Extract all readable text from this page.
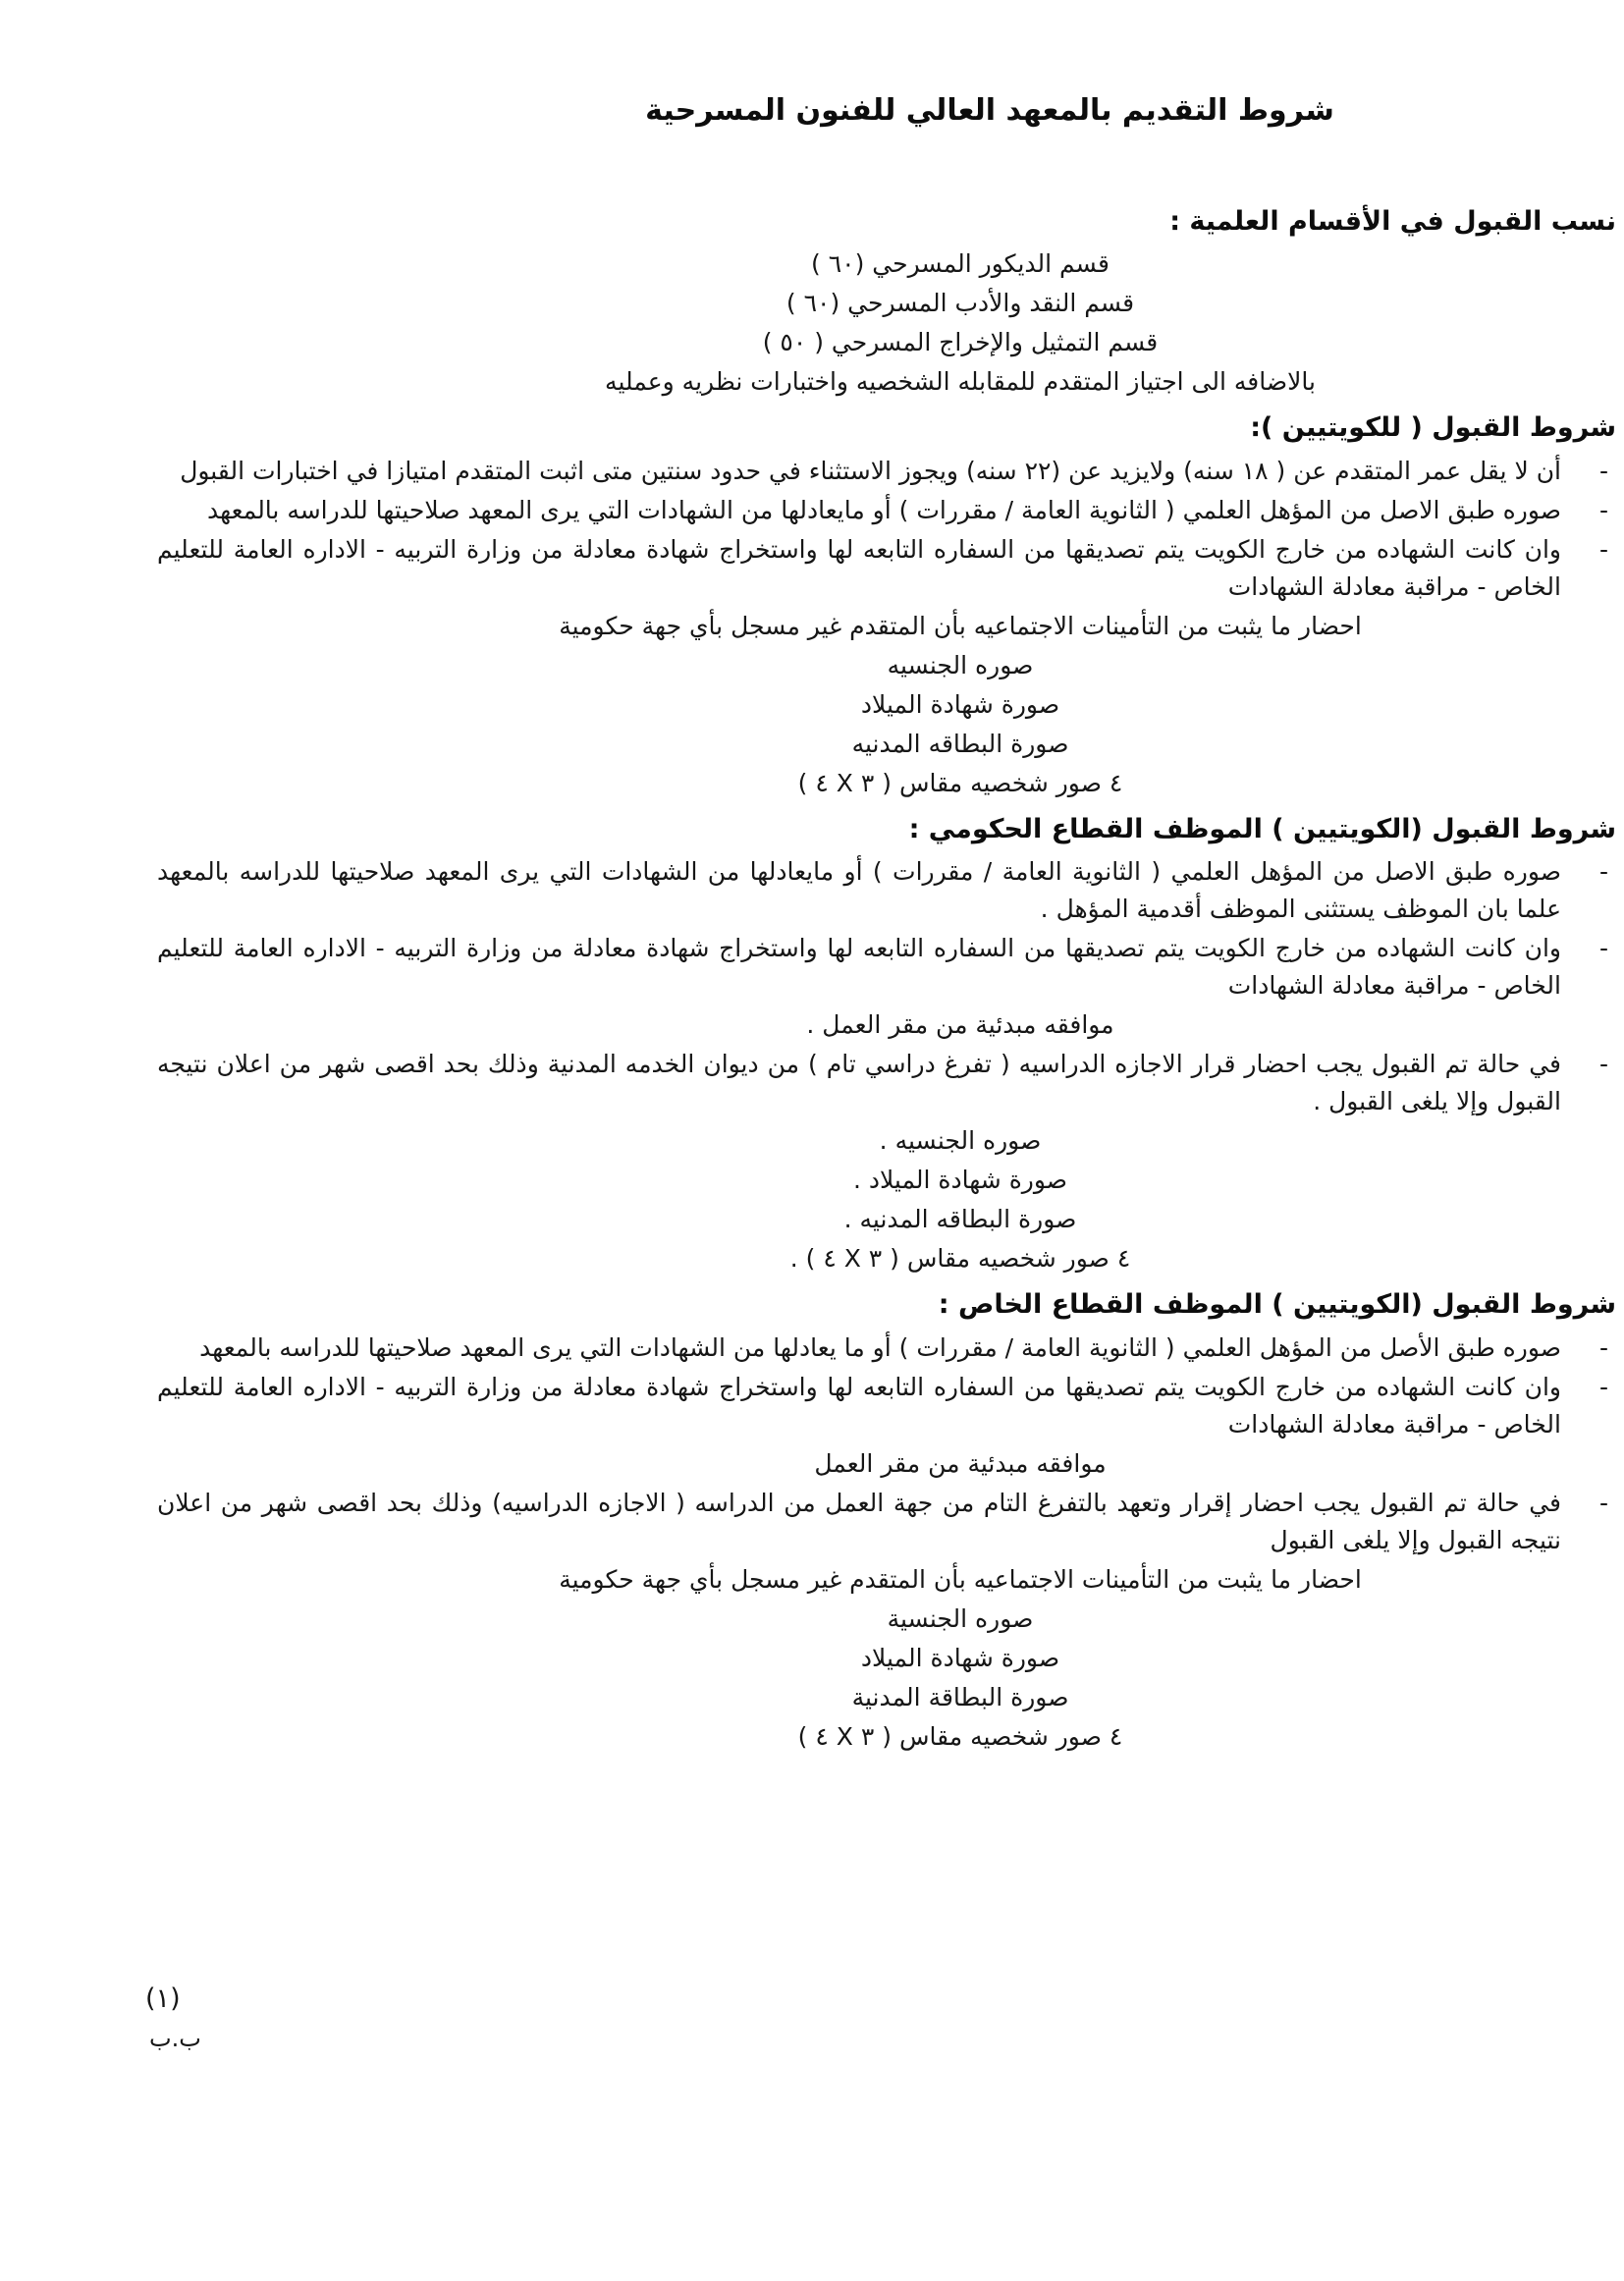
شروط التقديم بالمعهد العالي للفنون المسرحية
نسب القبول في الأقسام العلمية :
قسم الديكور المسرحي (٦٠ )
قسم النقد والأدب المسرحي (٦٠ )
قسم التمثيل والإخراج المسرحي ( ٥٠ )

بالاضافه الى اجتياز المتقدم للمقابله الشخصيه واختبارات نظريه وعمليه

شروط القبول ( للكويتيين ):
-
أن لا يقل عمر المتقدم عن ( ١٨ سنه) ولايزيد عن (٢٢ سنه) ويجوز الاستثناء في حدود سنتين متى اثبت المتقدم امتيازا في اختبارات القبول
-
صوره طبق الاصل من المؤهل العلمي ( الثانوية العامة / مقررات ) أو مايعادلها من الشهادات التي يرى المعهد صلاحيتها للدراسه بالمعهد
-
وان كانت الشهاده من خارج الكويت يتم تصديقها من السفاره التابعه لها واستخراج شهادة معادلة من وزارة التربيه - الاداره العامة للتعليم الخاص - مراقبة معادلة الشهادات
احضار ما يثبت من التأمينات الاجتماعيه بأن المتقدم غير مسجل بأي جهة حكومية
صوره الجنسيه
صورة شهادة الميلاد
صورة البطاقه المدنيه
٤ صور شخصيه مقاس ( ٣ X ٤ )
شروط القبول (الكويتيين ) الموظف القطاع الحكومي :
-
صوره طبق الاصل من المؤهل العلمي ( الثانوية العامة / مقررات ) أو مايعادلها من الشهادات التي يرى المعهد صلاحيتها للدراسه بالمعهد علما بان الموظف يستثنى الموظف أقدمية المؤهل .
-
وان كانت الشهاده من خارج الكويت يتم تصديقها من السفاره التابعه لها واستخراج شهادة معادلة من وزارة التربيه - الاداره العامة للتعليم الخاص - مراقبة معادلة الشهادات
موافقه مبدئية من مقر العمل .
-
في حالة تم القبول يجب احضار قرار الاجازه الدراسيه ( تفرغ دراسي تام ) من ديوان الخدمه المدنية وذلك بحد اقصى شهر من اعلان نتيجه القبول وإلا يلغى القبول .
صوره الجنسيه .
صورة شهادة الميلاد .
صورة البطاقه المدنيه .
٤ صور شخصيه مقاس ( ٣ X ٤ ) .
شروط القبول (الكويتيين ) الموظف القطاع الخاص :
-
صوره طبق الأصل من المؤهل العلمي ( الثانوية العامة / مقررات ) أو ما يعادلها من الشهادات التي يرى المعهد صلاحيتها للدراسه بالمعهد
-
وان كانت الشهاده من خارج الكويت يتم تصديقها من السفاره التابعه لها واستخراج شهادة معادلة من وزارة التربيه - الاداره العامة للتعليم الخاص - مراقبة معادلة الشهادات
موافقه مبدئية من مقر العمل
-
في حالة تم القبول يجب احضار إقرار وتعهد بالتفرغ التام من جهة العمل من الدراسه ( الاجازه الدراسيه) وذلك بحد اقصى شهر من اعلان نتيجه القبول وإلا يلغى القبول
احضار ما يثبت من التأمينات الاجتماعيه بأن المتقدم غير مسجل بأي جهة حكومية
صوره الجنسية
صورة شهادة الميلاد
صورة البطاقة المدنية
٤ صور شخصيه مقاس ( ٣ X ٤ )
(١)
ب.ب
